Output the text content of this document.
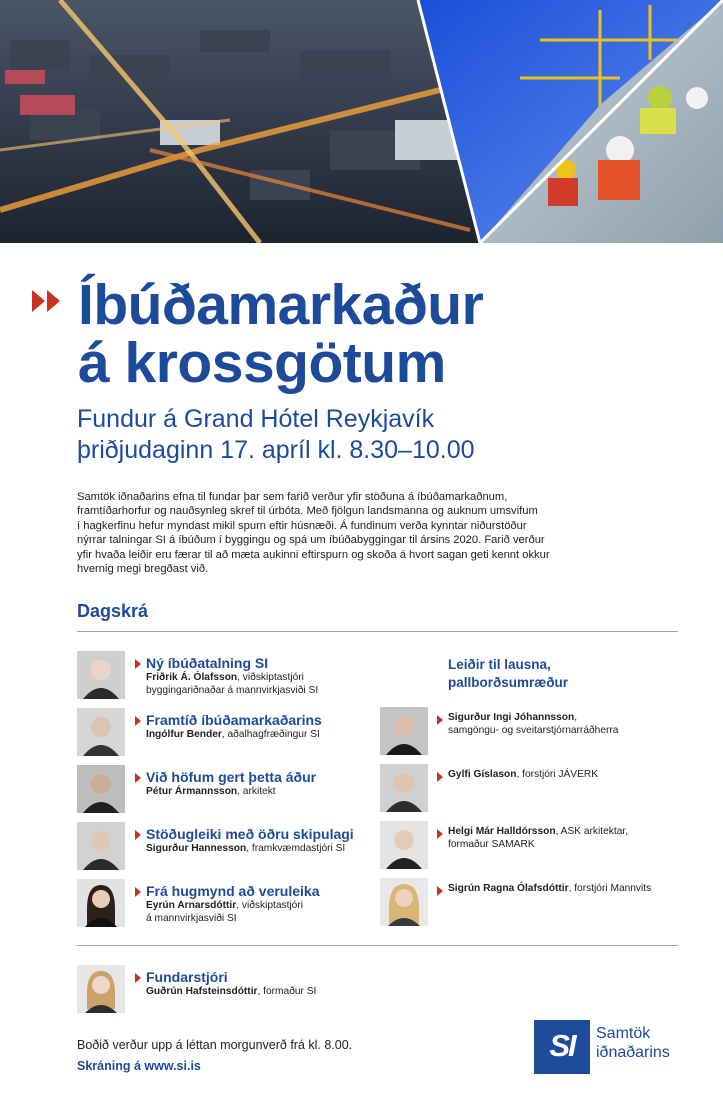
Íbúðamarkaður
á krossgötum
Fundur á Grand Hótel Reykjavík
þriðjudaginn 17. apríl kl. 8.30–10.00
Samtök iðnaðarins efna til fundar þar sem farið verður yfir stöðuna á íbúðamarkaðnum,
framtíðarhorfur og nauðsynleg skref til úrbóta. Með fjölgun landsmanna og auknum umsvifum
í hagkerfinu hefur myndast mikil spurn eftir húsnæði. Á fundinum verða kynntar niðurstöður
nýrrar talningar SI á íbúðum í byggingu og spá um íbúðabyggingar til ársins 2020. Farið verður
yfir hvaða leiðir eru færar til að mæta aukinni eftirspurn og skoða á hvort sagan geti kennt okkur
hvernig megi bregðast við.
Dagskrá
Ný íbúðatalning SI
Friðrik Á. Ólafsson, viðskiptastjóri
byggingariðnaðar á mannvirkjasviði SI
Framtíð íbúðamarkaðarins
Ingólfur Bender, aðalhagfræðingur SI
Við höfum gert þetta áður
Pétur Ármannsson, arkitekt
Stöðugleiki með öðru skipulagi
Sigurður Hannesson, framkvæmdastjóri SI
Frá hugmynd að veruleika
Eyrún Arnarsdóttir, viðskiptastjóri
á mannvirkjasviði SI
Leiðir til lausna,
pallborðsumræður
Sigurður Ingi Jóhannsson,
samgöngu- og sveitarstjórnarráðherra
Gylfi Gíslason, forstjóri JÁVERK
Helgi Már Halldórsson, ASK arkitektar,
formaður SAMARK
Sigrún Ragna Ólafsdóttir, forstjóri Mannvits
Fundarstjóri
Guðrún Hafsteinsdóttir, formaður SI
Boðið verður upp á léttan morgunverð frá kl. 8.00.
Skráning á www.si.is
SI	Samtök
iðnaðarins
